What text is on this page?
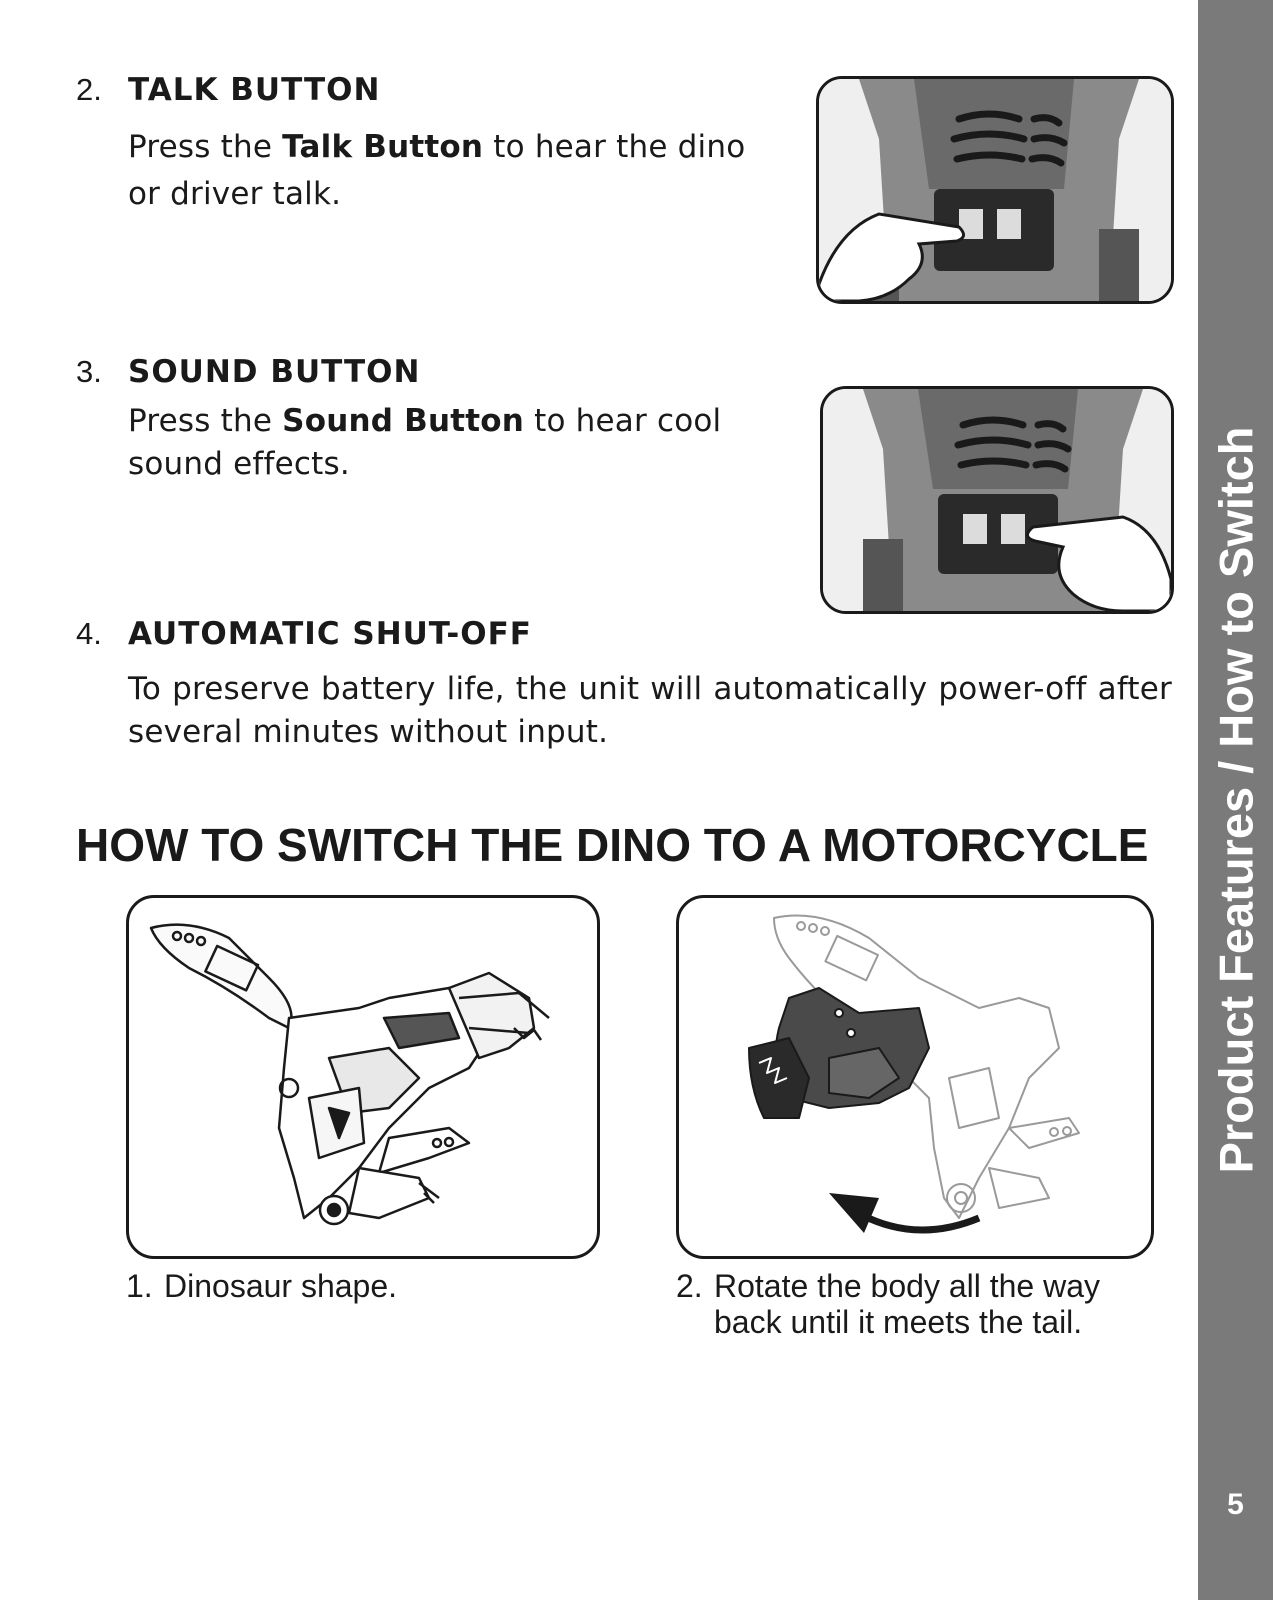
Product Features / How to Switch
5
2. TALK BUTTON
Press the Talk Button to hear the dino
or driver talk.
3. SOUND BUTTON
Press the Sound Button to hear cool
sound effects.
4. AUTOMATIC SHUT-OFF
To preserve battery life, the unit will automatically power-off after several minutes without input.
HOW TO SWITCH THE DINO TO A MOTORCYCLE
1. Dinosaur shape.	2. Rotate the body all the way
back until it meets the tail.
